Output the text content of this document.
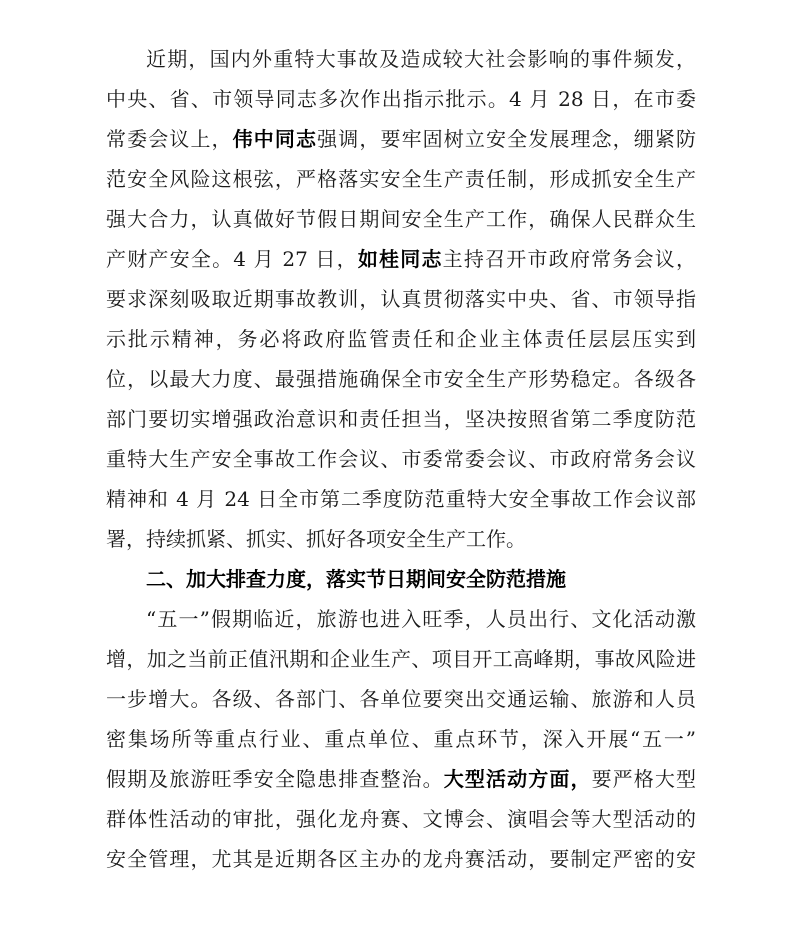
近期，国内外重特大事故及造成较大社会影响的事件频发，
中央、省、市领导同志多次作出指示批示。4 月 28 日，在市委
常委会议上，伟中同志强调，要牢固树立安全发展理念，绷紧防
范安全风险这根弦，严格落实安全生产责任制，形成抓安全生产
强大合力，认真做好节假日期间安全生产工作，确保人民群众生
产财产安全。4 月 27 日，如桂同志主持召开市政府常务会议，
要求深刻吸取近期事故教训，认真贯彻落实中央、省、市领导指
示批示精神，务必将政府监管责任和企业主体责任层层压实到
位，以最大力度、最强措施确保全市安全生产形势稳定。各级各
部门要切实增强政治意识和责任担当，坚决按照省第二季度防范
重特大生产安全事故工作会议、市委常委会议、市政府常务会议
精神和 4 月 24 日全市第二季度防范重特大安全事故工作会议部
署，持续抓紧、抓实、抓好各项安全生产工作。
二、加大排查力度，落实节日期间安全防范措施
“五一”假期临近，旅游也进入旺季，人员出行、文化活动激
增，加之当前正值汛期和企业生产、项目开工高峰期，事故风险进
一步增大。各级、各部门、各单位要突出交通运输、旅游和人员
密集场所等重点行业、重点单位、重点环节，深入开展“五一”
假期及旅游旺季安全隐患排查整治。大型活动方面，要严格大型
群体性活动的审批，强化龙舟赛、文博会、演唱会等大型活动的
安全管理，尤其是近期各区主办的龙舟赛活动，要制定严密的安
